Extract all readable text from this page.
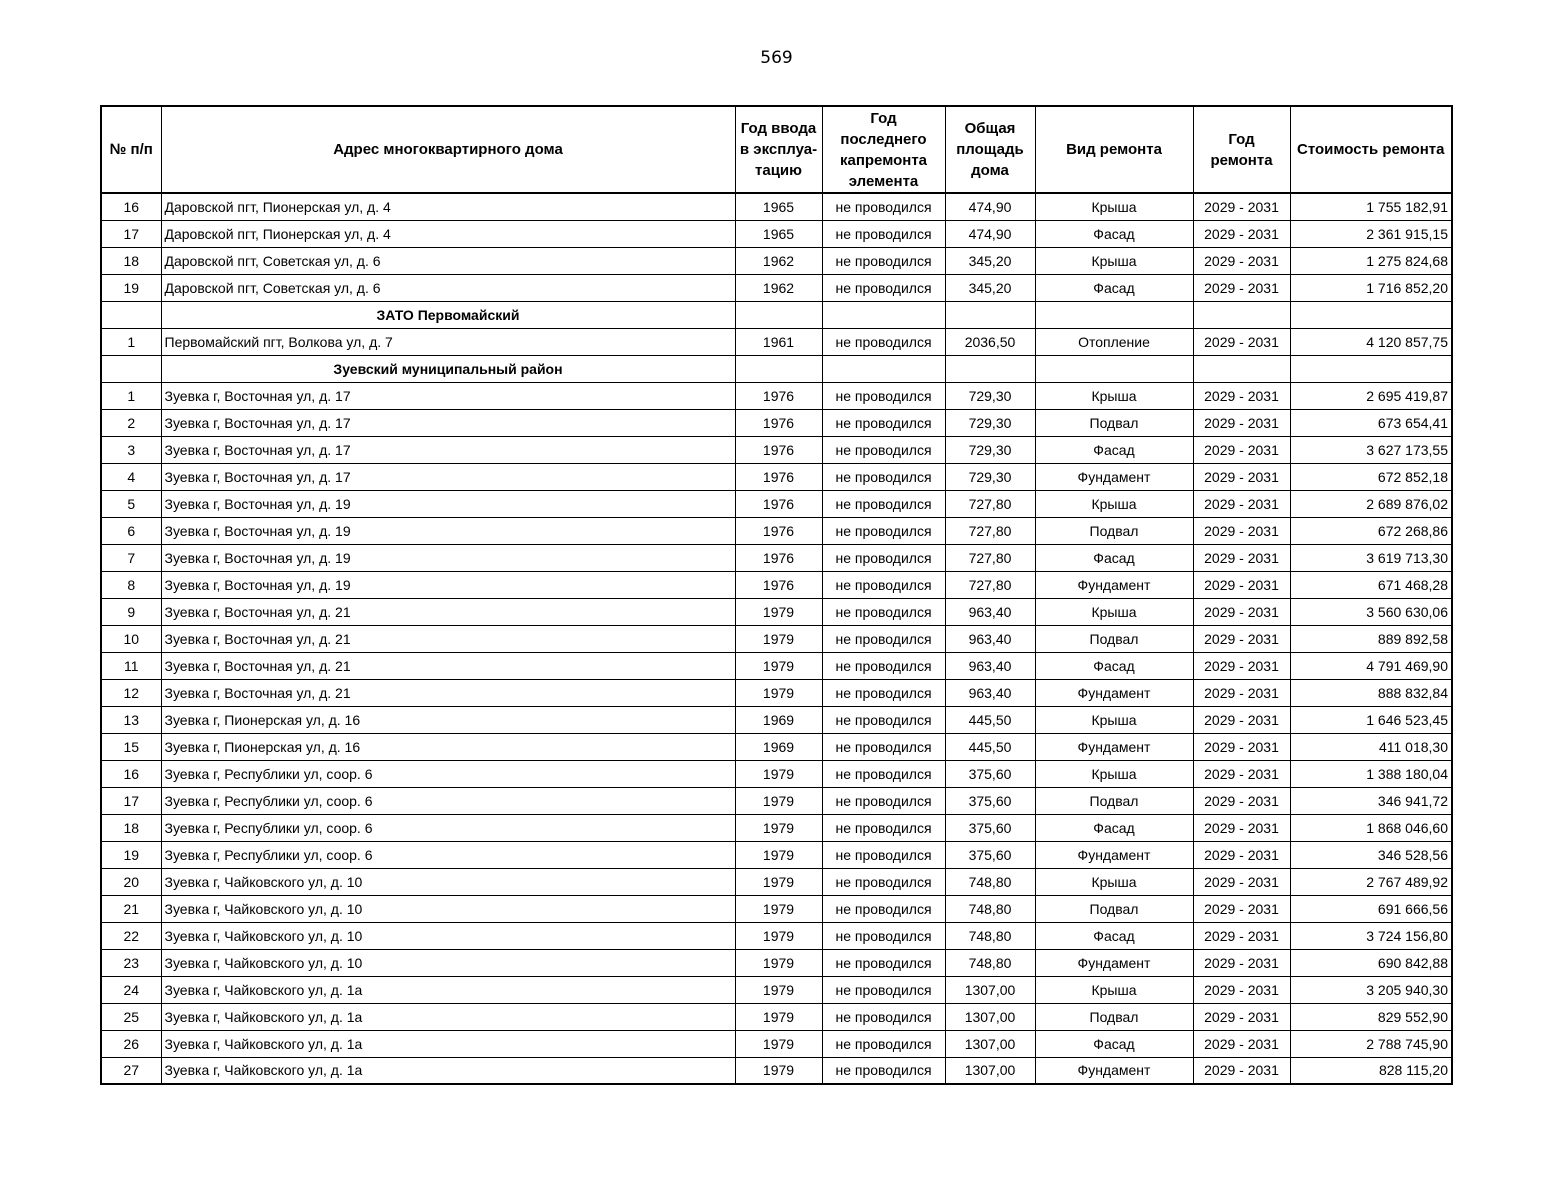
569
№ п/п	Адрес многоквартирного дома	Год ввода в эксплуа-тацию	Год последнего капремонта элемента	Общая площадь дома	Вид ремонта	Год ремонта	Стоимость ремонта
16	Даровской пгт, Пионерская ул, д. 4	1965	не проводился	474,90	Крыша	2029 - 2031	1 755 182,91
17	Даровской пгт, Пионерская ул, д. 4	1965	не проводился	474,90	Фасад	2029 - 2031	2 361 915,15
18	Даровской пгт, Советская ул, д. 6	1962	не проводился	345,20	Крыша	2029 - 2031	1 275 824,68
19	Даровской пгт, Советская ул, д. 6	1962	не проводился	345,20	Фасад	2029 - 2031	1 716 852,20
	ЗАТО Первомайский						
1	Первомайский пгт, Волкова ул, д. 7	1961	не проводился	2036,50	Отопление	2029 - 2031	4 120 857,75
	Зуевский муниципальный район						
1	Зуевка г, Восточная ул, д. 17	1976	не проводился	729,30	Крыша	2029 - 2031	2 695 419,87
2	Зуевка г, Восточная ул, д. 17	1976	не проводился	729,30	Подвал	2029 - 2031	673 654,41
3	Зуевка г, Восточная ул, д. 17	1976	не проводился	729,30	Фасад	2029 - 2031	3 627 173,55
4	Зуевка г, Восточная ул, д. 17	1976	не проводился	729,30	Фундамент	2029 - 2031	672 852,18
5	Зуевка г, Восточная ул, д. 19	1976	не проводился	727,80	Крыша	2029 - 2031	2 689 876,02
6	Зуевка г, Восточная ул, д. 19	1976	не проводился	727,80	Подвал	2029 - 2031	672 268,86
7	Зуевка г, Восточная ул, д. 19	1976	не проводился	727,80	Фасад	2029 - 2031	3 619 713,30
8	Зуевка г, Восточная ул, д. 19	1976	не проводился	727,80	Фундамент	2029 - 2031	671 468,28
9	Зуевка г, Восточная ул, д. 21	1979	не проводился	963,40	Крыша	2029 - 2031	3 560 630,06
10	Зуевка г, Восточная ул, д. 21	1979	не проводился	963,40	Подвал	2029 - 2031	889 892,58
11	Зуевка г, Восточная ул, д. 21	1979	не проводился	963,40	Фасад	2029 - 2031	4 791 469,90
12	Зуевка г, Восточная ул, д. 21	1979	не проводился	963,40	Фундамент	2029 - 2031	888 832,84
13	Зуевка г, Пионерская ул, д. 16	1969	не проводился	445,50	Крыша	2029 - 2031	1 646 523,45
15	Зуевка г, Пионерская ул, д. 16	1969	не проводился	445,50	Фундамент	2029 - 2031	411 018,30
16	Зуевка г, Республики ул, соор. 6	1979	не проводился	375,60	Крыша	2029 - 2031	1 388 180,04
17	Зуевка г, Республики ул, соор. 6	1979	не проводился	375,60	Подвал	2029 - 2031	346 941,72
18	Зуевка г, Республики ул, соор. 6	1979	не проводился	375,60	Фасад	2029 - 2031	1 868 046,60
19	Зуевка г, Республики ул, соор. 6	1979	не проводился	375,60	Фундамент	2029 - 2031	346 528,56
20	Зуевка г, Чайковского ул, д. 10	1979	не проводился	748,80	Крыша	2029 - 2031	2 767 489,92
21	Зуевка г, Чайковского ул, д. 10	1979	не проводился	748,80	Подвал	2029 - 2031	691 666,56
22	Зуевка г, Чайковского ул, д. 10	1979	не проводился	748,80	Фасад	2029 - 2031	3 724 156,80
23	Зуевка г, Чайковского ул, д. 10	1979	не проводился	748,80	Фундамент	2029 - 2031	690 842,88
24	Зуевка г, Чайковского ул, д. 1а	1979	не проводился	1307,00	Крыша	2029 - 2031	3 205 940,30
25	Зуевка г, Чайковского ул, д. 1а	1979	не проводился	1307,00	Подвал	2029 - 2031	829 552,90
26	Зуевка г, Чайковского ул, д. 1а	1979	не проводился	1307,00	Фасад	2029 - 2031	2 788 745,90
27	Зуевка г, Чайковского ул, д. 1а	1979	не проводился	1307,00	Фундамент	2029 - 2031	828 115,20
